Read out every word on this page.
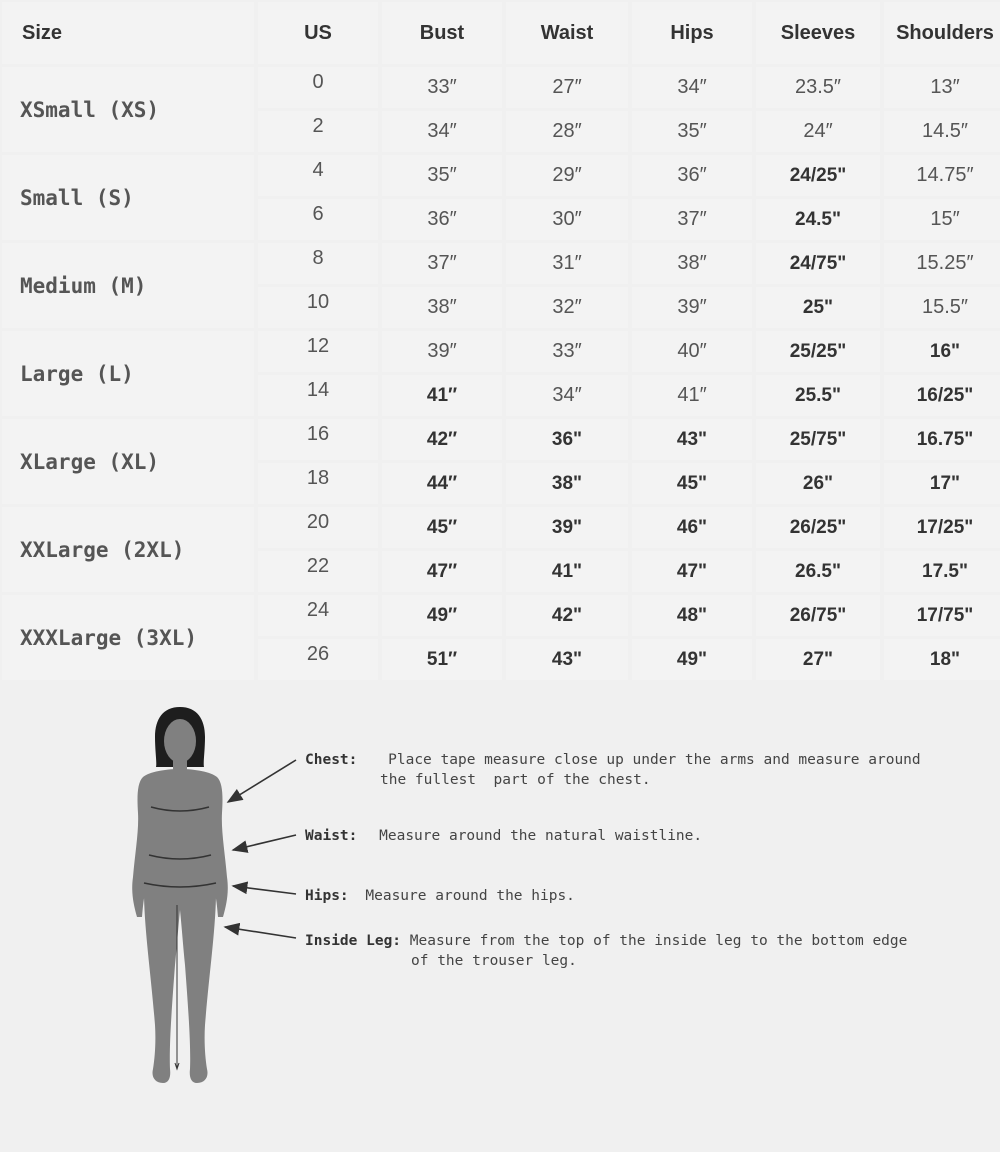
Size	US	Bust	Waist	Hips	Sleeves	Shoulders
XSmall (XS)	0	33″	27″	34″	23.5″	13″
	2	34″	28″	35″	24″	14.5″
Small (S)	4	35″	29″	36″	24/25"	14.75″
	6	36″	30″	37″	24.5"	15″
Medium (M)	8	37″	31″	38″	24/75"	15.25″
	10	38″	32″	39″	25"	15.5″
Large (L)	12	39″	33″	40″	25/25"	16"
	14	41″	34″	41″	25.5"	16/25"
XLarge (XL)	16	42″	36"	43"	25/75"	16.75"
	18	44″	38"	45"	26"	17"
XXLarge (2XL)	20	45″	39"	46"	26/25"	17/25"
	22	47″	41"	47"	26.5"	17.5"
XXXLarge (3XL)	24	49″	42"	48"	26/75"	17/75"
	26	51″	43"	49"	27"	18"
Chest: Place tape measure close up under the arms and measure around
the fullest  part of the chest.
Waist: Measure around the natural waistline.
Hips: Measure around the hips.
Inside Leg: Measure from the top of the inside leg to the bottom edge
of the trouser leg.
